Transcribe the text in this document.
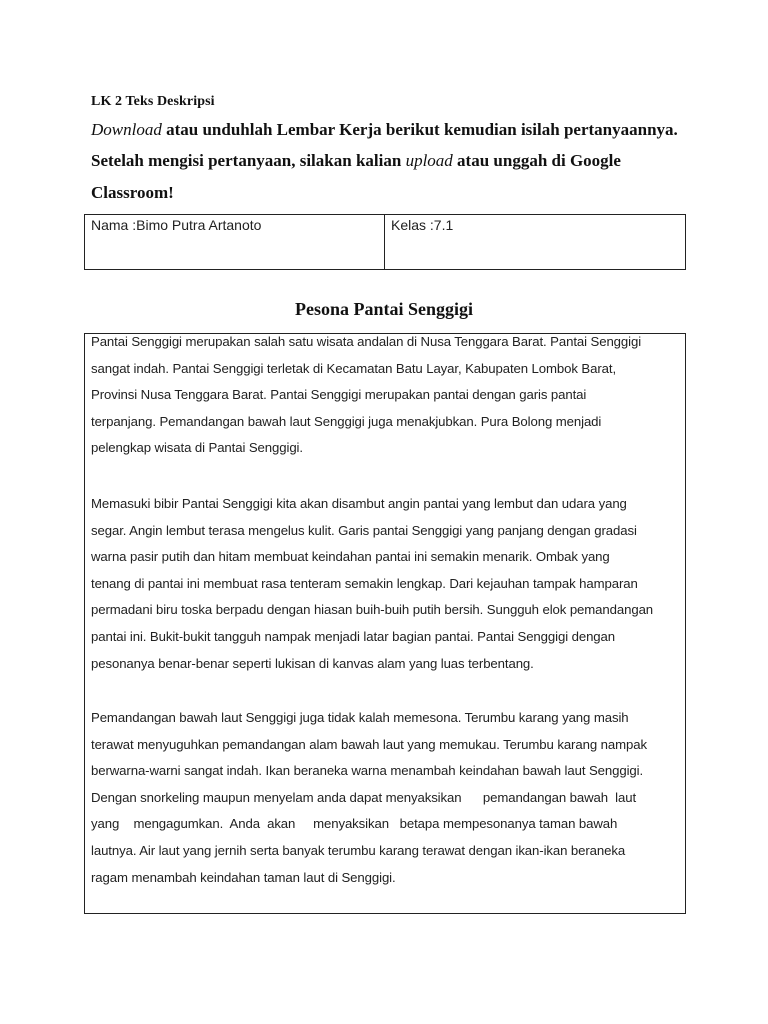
LK 2 Teks Deskripsi
Download atau unduhlah Lembar Kerja berikut kemudian isilah pertanyaannya.
Setelah mengisi pertanyaan, silakan kalian upload atau unggah di Google
Classroom!
Nama :Bimo Putra Artanoto	Kelas :7.1
Pesona Pantai Senggigi

Pantai Senggigi merupakan salah satu wisata andalan di Nusa Tenggara Barat. Pantai Senggigi
sangat indah. Pantai Senggigi terletak di Kecamatan Batu Layar, Kabupaten Lombok Barat,
Provinsi Nusa Tenggara Barat. Pantai Senggigi merupakan pantai dengan garis pantai
terpanjang. Pemandangan bawah laut Senggigi juga menakjubkan. Pura Bolong menjadi
pelengkap wisata di Pantai Senggigi.

Memasuki bibir Pantai Senggigi kita akan disambut angin pantai yang lembut dan udara yang
segar. Angin lembut terasa mengelus kulit. Garis pantai Senggigi yang panjang dengan gradasi
warna pasir putih dan hitam membuat keindahan pantai ini semakin menarik. Ombak yang
tenang di pantai ini membuat rasa tenteram semakin lengkap. Dari kejauhan tampak hamparan
permadani biru toska berpadu dengan hiasan buih-buih putih bersih. Sungguh elok pemandangan
pantai ini. Bukit-bukit tangguh nampak menjadi latar bagian pantai. Pantai Senggigi dengan
pesonanya benar-benar seperti lukisan di kanvas alam yang luas terbentang.

Pemandangan bawah laut Senggigi juga tidak kalah memesona. Terumbu karang yang masih
terawat menyuguhkan pemandangan alam bawah laut yang memukau. Terumbu karang nampak
berwarna-warni sangat indah. Ikan beraneka warna menambah keindahan bawah laut Senggigi.
Dengan snorkeling maupun menyelam anda dapat menyaksikan      pemandangan bawah  laut
yang    mengagumkan.  Anda  akan     menyaksikan   betapa mempesonanya taman bawah
lautnya. Air laut yang jernih serta banyak terumbu karang terawat dengan ikan-ikan beraneka
ragam menambah keindahan taman laut di Senggigi.
